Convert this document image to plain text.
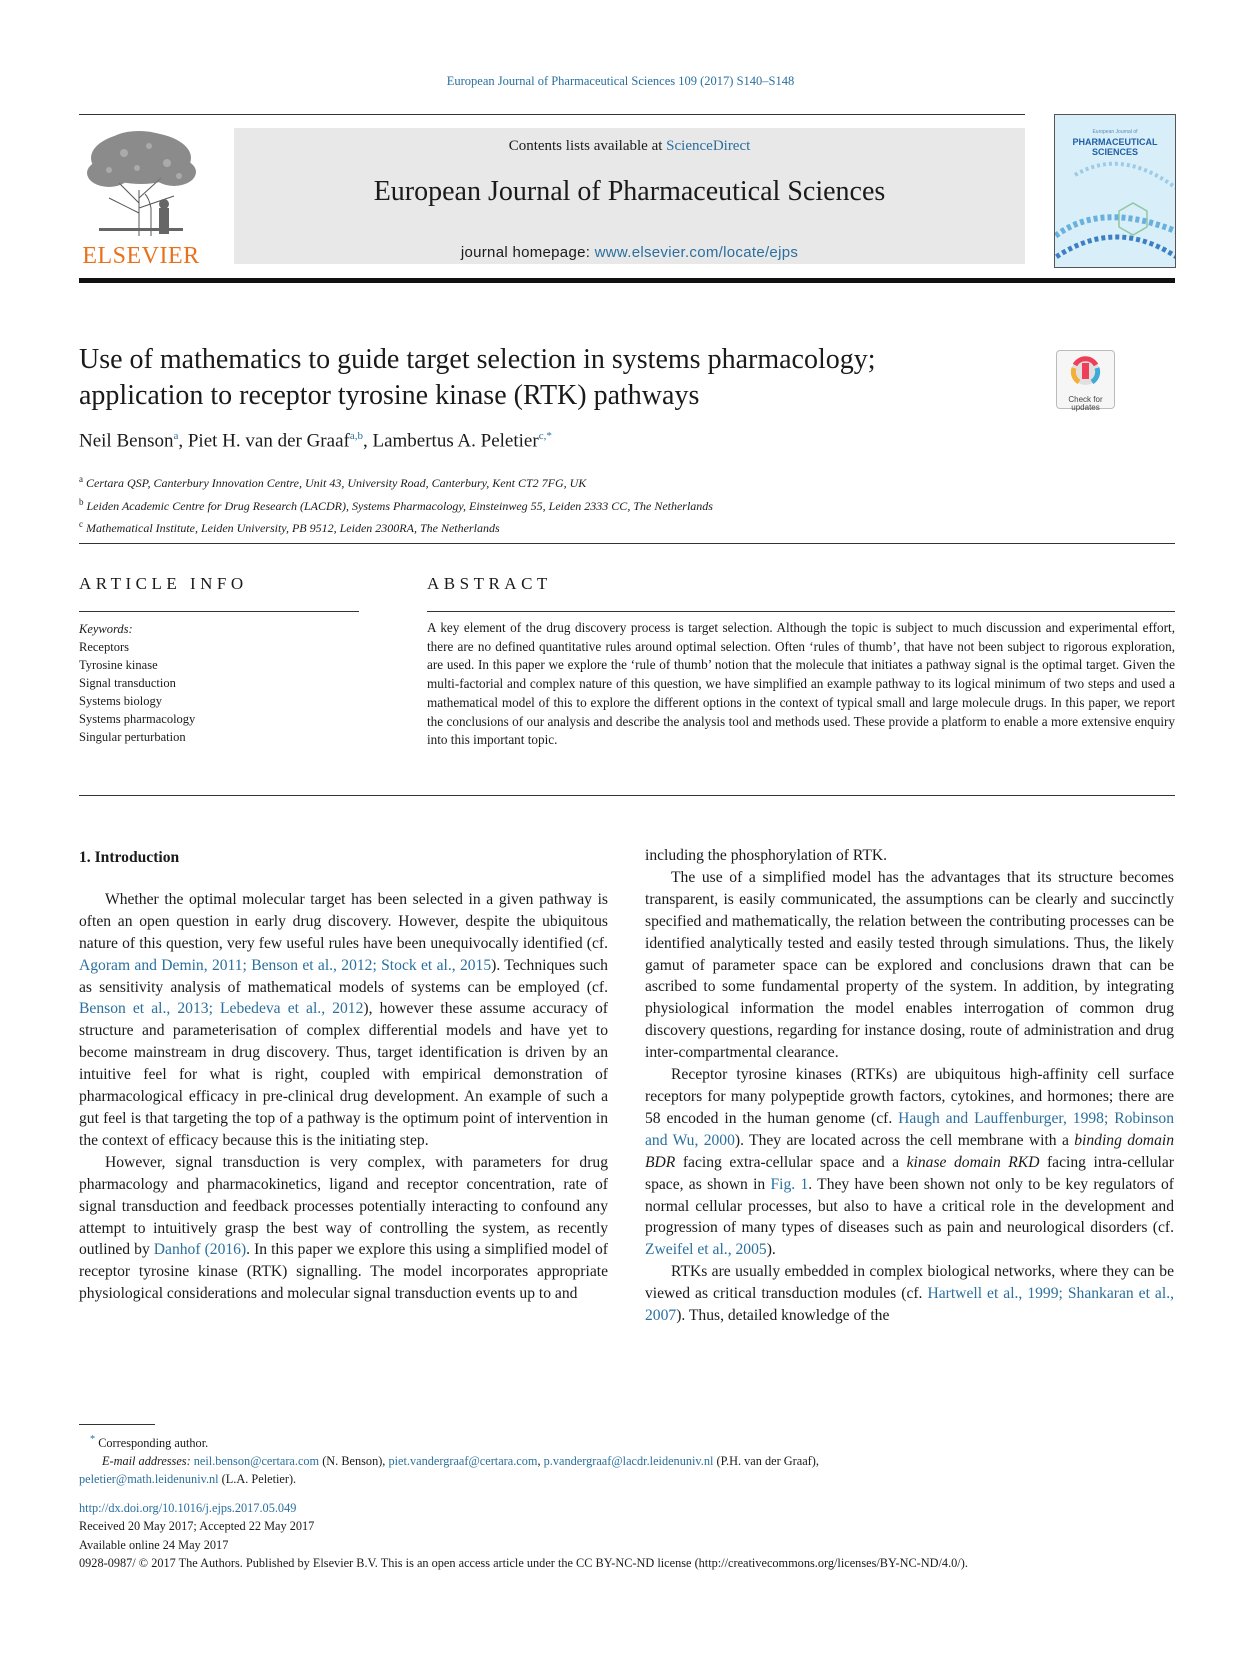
European Journal of Pharmaceutical Sciences 109 (2017) S140–S148
ELSEVIER
Contents lists available at ScienceDirect
European Journal of Pharmaceutical Sciences
journal homepage: www.elsevier.com/locate/ejps
European Journal of
PHARMACEUTICAL
SCIENCES
Use of mathematics to guide target selection in systems pharmacology;
application to receptor tyrosine kinase (RTK) pathways	Check for
updates
Neil Benson$^a$, Piet H. van der Graaf$^{a,b}$, Lambertus A. Peletier$^{c,*}$
$^a$ Certara QSP, Canterbury Innovation Centre, Unit 43, University Road, Canterbury, Kent CT2 7FG, UK
$^b$ Leiden Academic Centre for Drug Research (LACDR), Systems Pharmacology, Einsteinweg 55, Leiden 2333 CC, The Netherlands
$^c$ Mathematical Institute, Leiden University, PB 9512, Leiden 2300RA, The Netherlands
ARTICLE INFO
Keywords:
Receptors
Tyrosine kinase
Signal transduction
Systems biology
Systems pharmacology
Singular perturbation
ABSTRACT
A key element of the drug discovery process is target selection. Although the topic is subject to much discussion and experimental effort, there are no defined quantitative rules around optimal selection. Often ‘rules of thumb’, that have not been subject to rigorous exploration, are used. In this paper we explore the ‘rule of thumb’ notion that the molecule that initiates a pathway signal is the optimal target. Given the multi-factorial and complex nature of this question, we have simplified an example pathway to its logical minimum of two steps and used a mathematical model of this to explore the different options in the context of typical small and large molecule drugs. In this paper, we report the conclusions of our analysis and describe the analysis tool and methods used. These provide a platform to enable a more extensive enquiry into this important topic.
1. Introduction

Whether the optimal molecular target has been selected in a given pathway is often an open question in early drug discovery. However, despite the ubiquitous nature of this question, very few useful rules have been unequivocally identified (cf. Agoram and Demin, 2011; Benson et al., 2012; Stock et al., 2015). Techniques such as sensitivity analysis of mathematical models of systems can be employed (cf. Benson et al., 2013; Lebedeva et al., 2012), however these assume accuracy of structure and parameterisation of complex differential models and have yet to become mainstream in drug discovery. Thus, target identification is driven by an intuitive feel for what is right, coupled with empirical demonstration of pharmacological efficacy in pre-clinical drug development. An example of such a gut feel is that targeting the top of a pathway is the optimum point of intervention in the context of efficacy because this is the initiating step.

However, signal transduction is very complex, with parameters for drug pharmacology and pharmacokinetics, ligand and receptor concentration, rate of signal transduction and feedback processes potentially interacting to confound any attempt to intuitively grasp the best way of controlling the system, as recently outlined by Danhof (2016). In this paper we explore this using a simplified model of receptor tyrosine kinase (RTK) signalling. The model incorporates appropriate physiological considerations and molecular signal transduction events up to and

including the phosphorylation of RTK.

The use of a simplified model has the advantages that its structure becomes transparent, is easily communicated, the assumptions can be clearly and succinctly specified and mathematically, the relation between the contributing processes can be identified analytically tested and easily tested through simulations. Thus, the likely gamut of parameter space can be explored and conclusions drawn that can be ascribed to some fundamental property of the system. In addition, by integrating physiological information the model enables interrogation of common drug discovery questions, regarding for instance dosing, route of administration and drug inter-compartmental clearance.

Receptor tyrosine kinases (RTKs) are ubiquitous high-affinity cell surface receptors for many polypeptide growth factors, cytokines, and hormones; there are 58 encoded in the human genome (cf. Haugh and Lauffenburger, 1998; Robinson and Wu, 2000). They are located across the cell membrane with a binding domain BDR facing extra-cellular space and a kinase domain RKD facing intra-cellular space, as shown in Fig. 1. They have been shown not only to be key regulators of normal cellular processes, but also to have a critical role in the development and progression of many types of diseases such as pain and neurological disorders (cf. Zweifel et al., 2005).

RTKs are usually embedded in complex biological networks, where they can be viewed as critical transduction modules (cf. Hartwell et al., 1999; Shankaran et al., 2007). Thus, detailed knowledge of the

* Corresponding author.
E-mail addresses: neil.benson@certara.com (N. Benson), piet.vandergraaf@certara.com, p.vandergraaf@lacdr.leidenuniv.nl (P.H. van der Graaf),
peletier@math.leidenuniv.nl (L.A. Peletier).
http://dx.doi.org/10.1016/j.ejps.2017.05.049
Received 20 May 2017; Accepted 22 May 2017
Available online 24 May 2017
0928-0987/ © 2017 The Authors. Published by Elsevier B.V. This is an open access article under the CC BY-NC-ND license (http://creativecommons.org/licenses/BY-NC-ND/4.0/).
